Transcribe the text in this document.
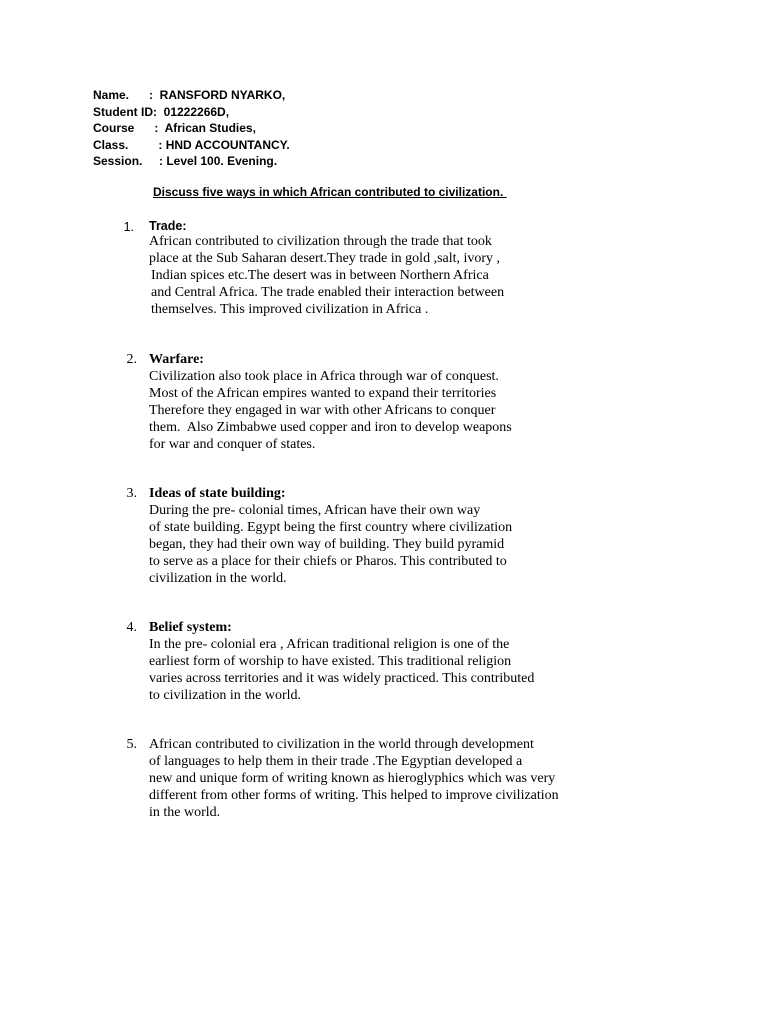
Name.      :  RANSFORD NYARKO,
Student ID:  01222266D,
Course      :  African Studies,
Class.         : HND ACCOUNTANCY.
Session.     : Level 100. Evening.
Discuss five ways in which African contributed to civilization.
1. Trade:
African contributed to civilization through the trade that took
place at the Sub Saharan desert.They trade in gold ,salt, ivory ,
Indian spices etc.The desert was in between Northern Africa
and Central Africa. The trade enabled their interaction between
themselves. This improved civilization in Africa .
2. Warfare:
Civilization also took place in Africa through war of conquest.
Most of the African empires wanted to expand their territories
Therefore they engaged in war with other Africans to conquer
them.  Also Zimbabwe used copper and iron to develop weapons
for war and conquer of states.
3. Ideas of state building:
During the pre- colonial times, African have their own way
of state building. Egypt being the first country where civilization
began, they had their own way of building. They build pyramid
to serve as a place for their chiefs or Pharos. This contributed to
civilization in the world.
4. Belief system:
In the pre- colonial era , African traditional religion is one of the
earliest form of worship to have existed. This traditional religion
varies across territories and it was widely practiced. This contributed
to civilization in the world.
5. African contributed to civilization in the world through development
of languages to help them in their trade .The Egyptian developed a
new and unique form of writing known as hieroglyphics which was very
different from other forms of writing. This helped to improve civilization
in the world.
